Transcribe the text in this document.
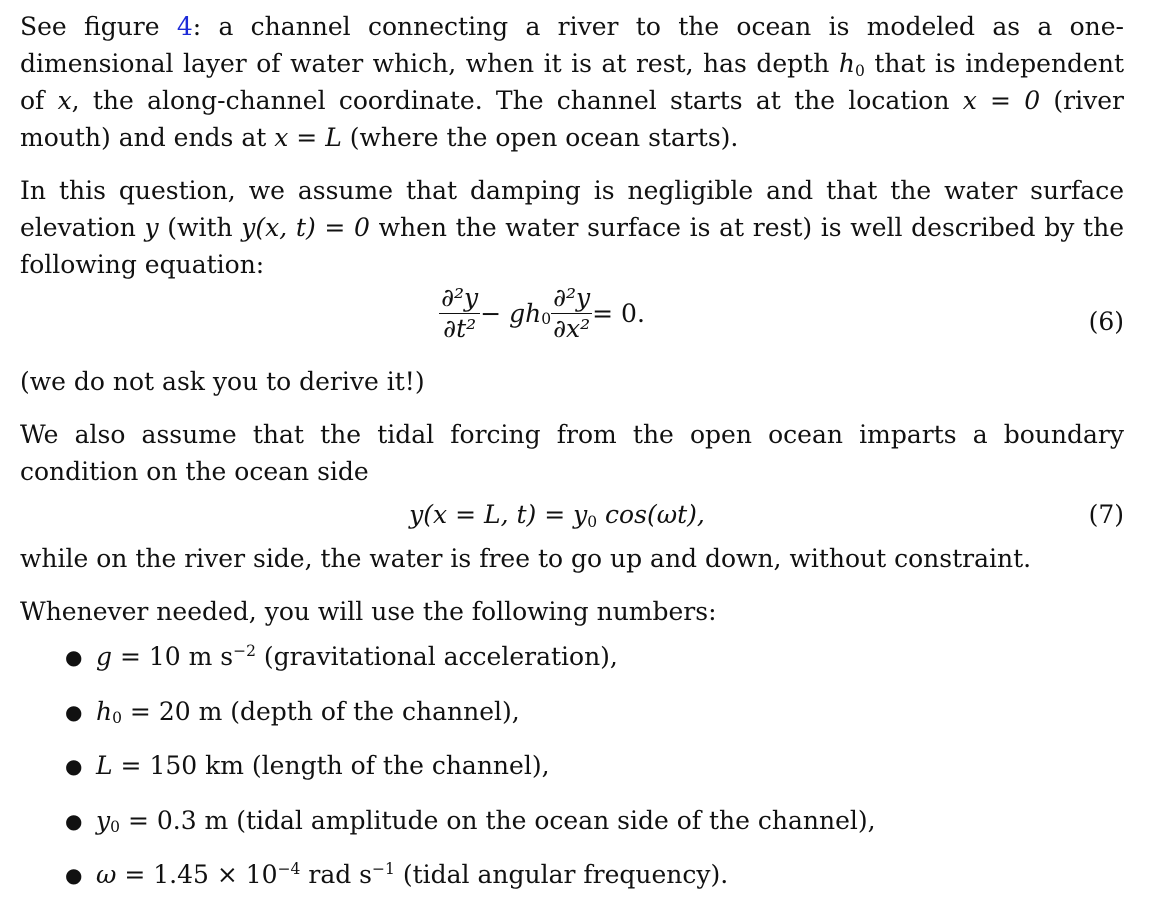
See figure 4: a channel connecting a river to the ocean is modeled as a one-dimensional layer of water which, when it is at rest, has depth $h_0$ that is independent of x, the along-channel coordinate. The channel starts at the location x = 0 (river mouth) and ends at x = L (where the open ocean starts).

In this question, we assume that damping is negligible and that the water surface elevation y (with y(x, t) = 0 when the water surface is at rest) is well described by the following equation:

$\frac{\text{∂²y}}{\text{∂t²}} - gh_0 \frac{\text{∂²y}}{\text{∂x²}} = 0$.	(6)

(we do not ask you to derive it!)

We also assume that the tidal forcing from the open ocean imparts a boundary condition on the ocean side

y(x = L, $t) = y_0$ cos(ωt),	(7)

while on the river side, the water is free to go up and down, without constraint.

Whenever needed, you will use the following numbers:

● g = 10 m $s^{-2}$ (gravitational acceleration),
● $h_0 = 20$ m (depth of the channel),
● L = 150 km (length of the channel),
● $y_0 = 0.3$ m (tidal amplitude on the ocean side of the channel),
● $\omega = 1.45 \times 10^{-4}$ rad $s^{-1}$ (tidal angular frequency).
